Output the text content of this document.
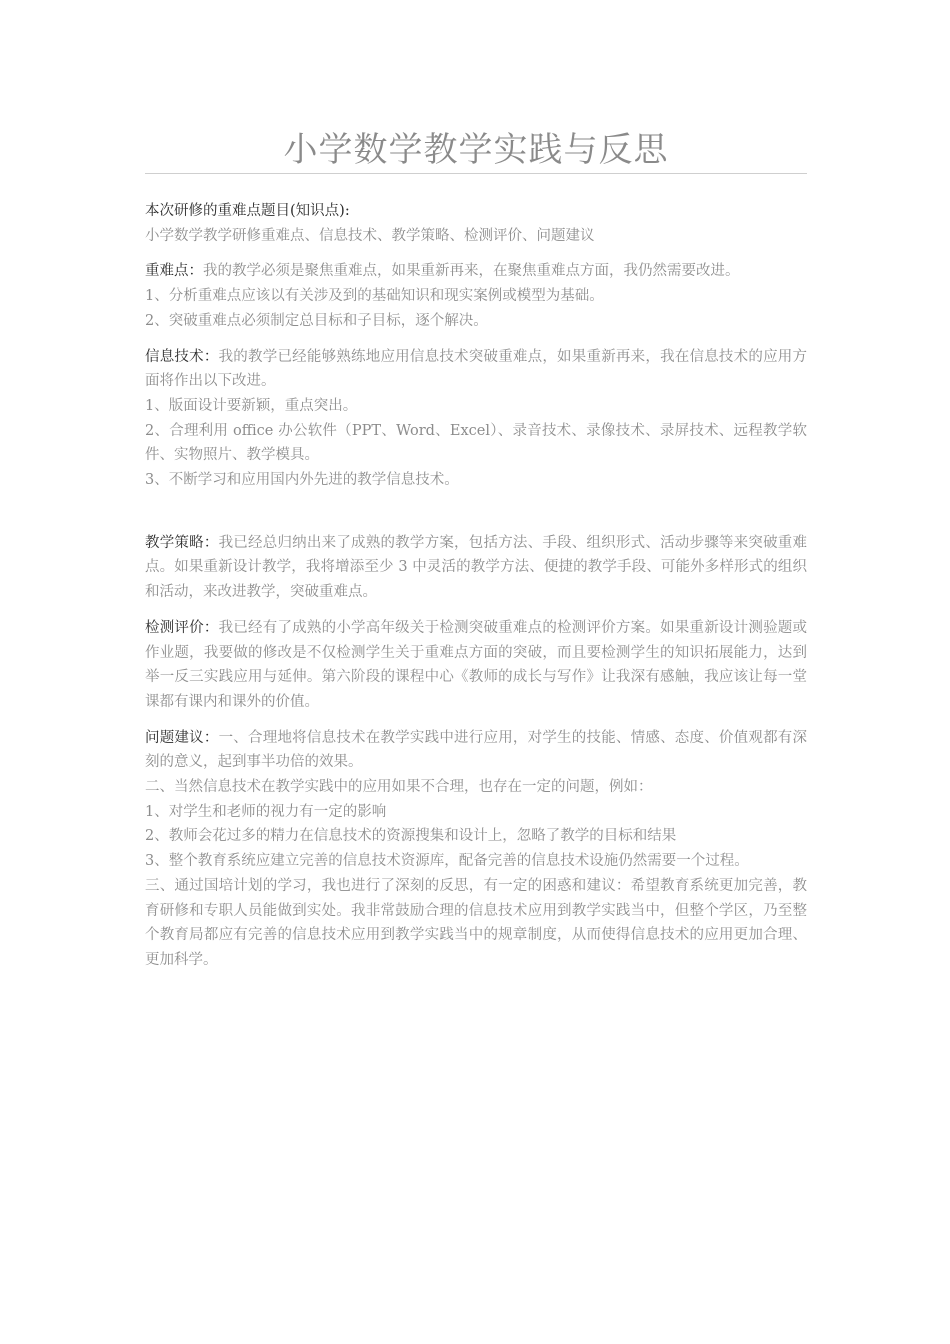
小学数学教学实践与反思

本次研修的重难点题目(知识点):

小学数学教学研修重难点、信息技术、教学策略、检测评价、问题建议

重难点：我的教学必须是聚焦重难点，如果重新再来，在聚焦重难点方面，我仍然需要改进。

1、分析重难点应该以有关涉及到的基础知识和现实案例或模型为基础。

2、突破重难点必须制定总目标和子目标，逐个解决。

信息技术：我的教学已经能够熟练地应用信息技术突破重难点，如果重新再来，我在信息技术的应用方面将作出以下改进。

1、版面设计要新颖，重点突出。

2、合理利用 office 办公软件（PPT、Word、Excel）、录音技术、录像技术、录屏技术、远程教学软件、实物照片、教学模具。

3、不断学习和应用国内外先进的教学信息技术。

教学策略：我已经总归纳出来了成熟的教学方案，包括方法、手段、组织形式、活动步骤等来突破重难点。如果重新设计教学，我将增添至少 3 中灵活的教学方法、便捷的教学手段、可能外多样形式的组织和活动，来改进教学，突破重难点。

检测评价：我已经有了成熟的小学高年级关于检测突破重难点的检测评价方案。如果重新设计测验题或作业题，我要做的修改是不仅检测学生关于重难点方面的突破，而且要检测学生的知识拓展能力，达到举一反三实践应用与延伸。第六阶段的课程中心《教师的成长与写作》让我深有感触，我应该让每一堂课都有课内和课外的价值。

问题建议：一、合理地将信息技术在教学实践中进行应用，对学生的技能、情感、态度、价值观都有深刻的意义，起到事半功倍的效果。

二、当然信息技术在教学实践中的应用如果不合理，也存在一定的问题，例如：

1、对学生和老师的视力有一定的影响

2、教师会花过多的精力在信息技术的资源搜集和设计上，忽略了教学的目标和结果

3、整个教育系统应建立完善的信息技术资源库，配备完善的信息技术设施仍然需要一个过程。

三、通过国培计划的学习，我也进行了深刻的反思，有一定的困惑和建议：希望教育系统更加完善，教育研修和专职人员能做到实处。我非常鼓励合理的信息技术应用到教学实践当中，但整个学区，乃至整个教育局都应有完善的信息技术应用到教学实践当中的规章制度，从而使得信息技术的应用更加合理、更加科学。
